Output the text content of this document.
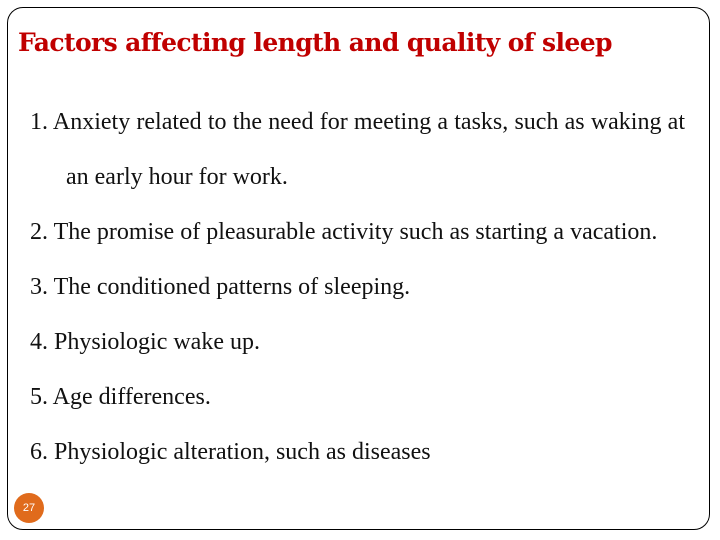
Factors affecting length and quality of sleep
1. Anxiety related to the need for meeting a tasks, such as waking at an early hour for work.
2. The promise of pleasurable activity such as starting a vacation.
3. The conditioned patterns of sleeping.
4. Physiologic wake up.
5. Age differences.
6. Physiologic alteration, such as diseases
27
